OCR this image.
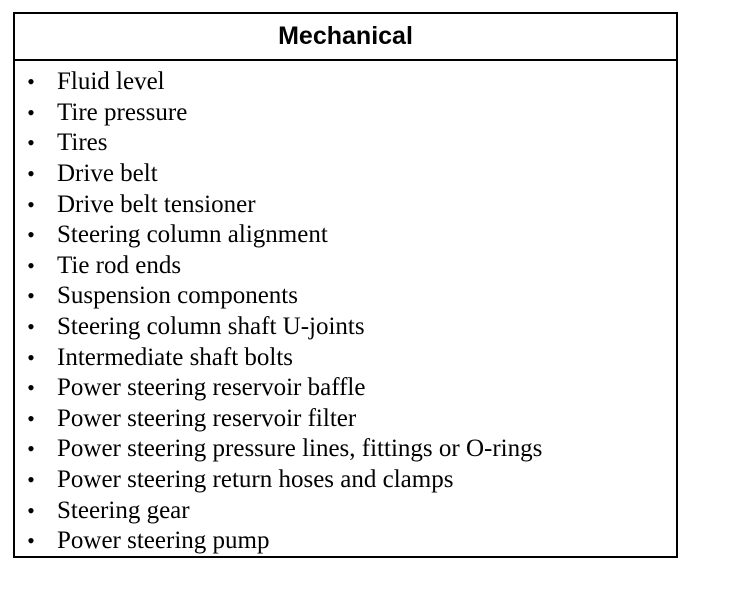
Mechanical
• Fluid level
• Tire pressure
• Tires
• Drive belt
• Drive belt tensioner
• Steering column alignment
• Tie rod ends
• Suspension components
• Steering column shaft U-joints
• Intermediate shaft bolts
• Power steering reservoir baffle
• Power steering reservoir filter
• Power steering pressure lines, fittings or O-rings
• Power steering return hoses and clamps
• Steering gear
• Power steering pump
